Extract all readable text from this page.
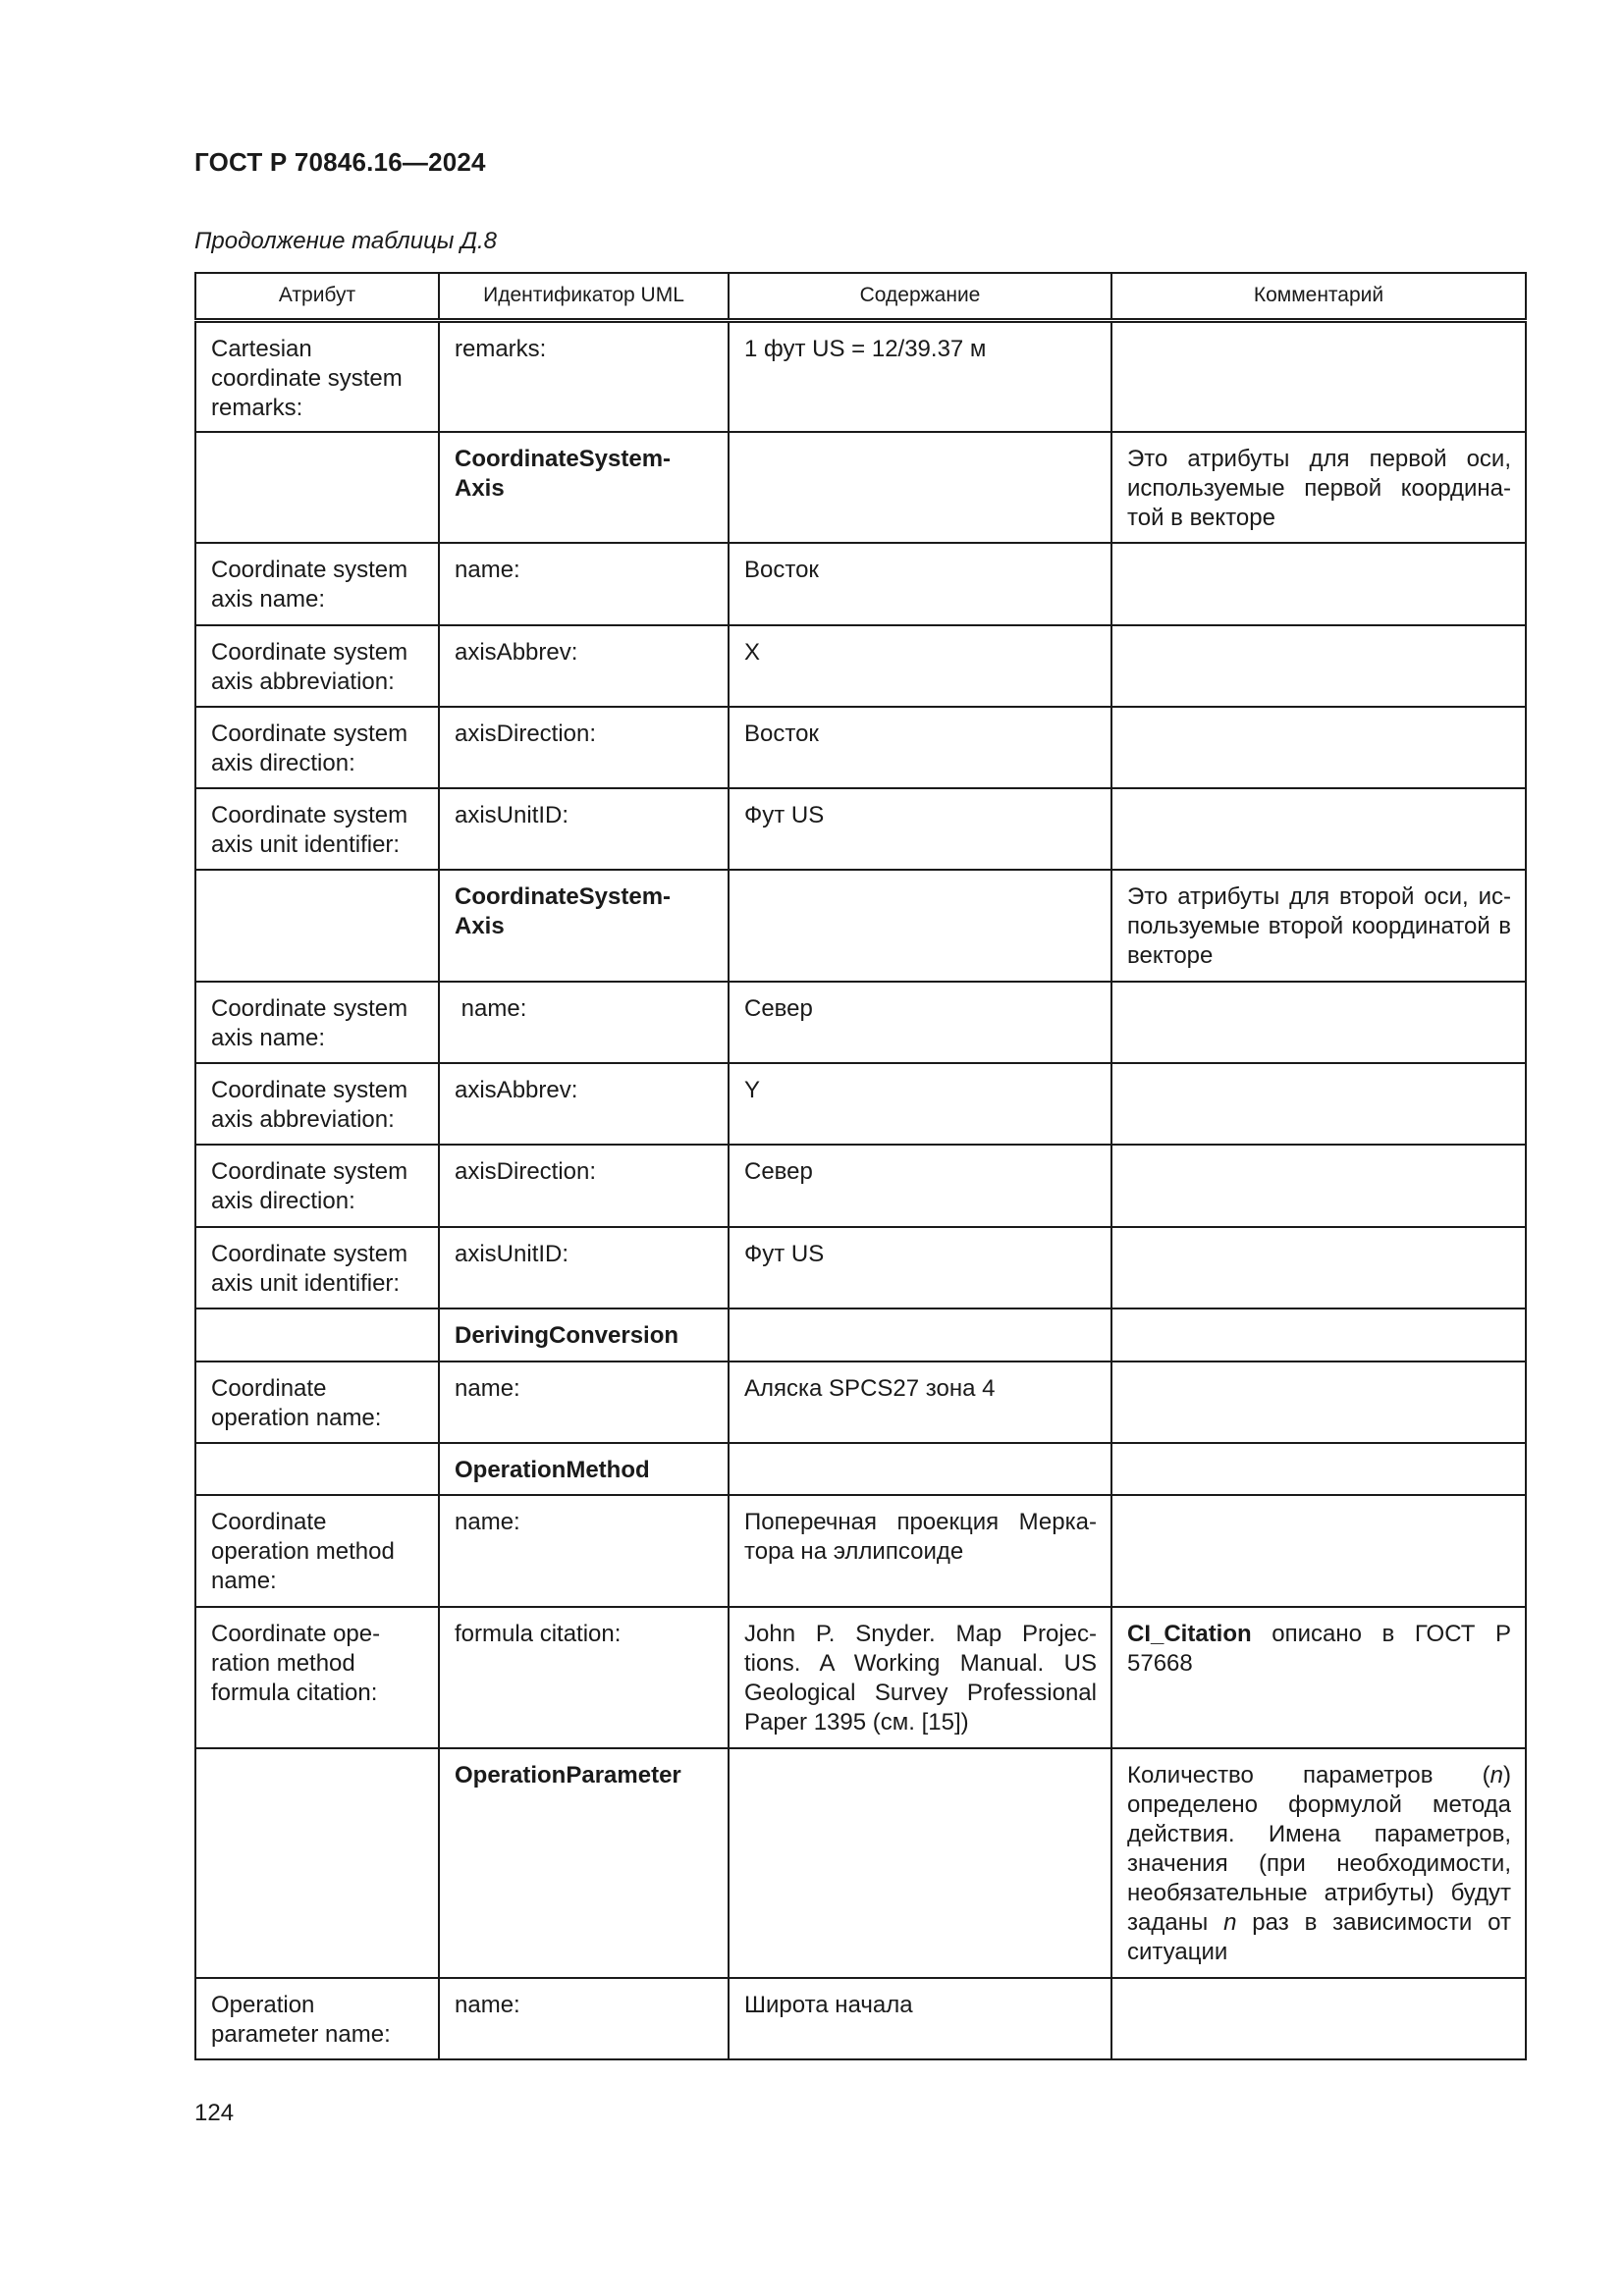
ГОСТ Р 70846.16—2024
Продолжение таблицы Д.8
Атрибут	Идентификатор UML	Содержание	Комментарий
Cartesian coordinate system remarks:	remarks:	1 фут US = 12/39.37 м	
	CoordinateSystem-Axis		Это атрибуты для первой оси, используемые первой координа-той в векторе
Coordinate system axis name:	name:	Восток	
Coordinate system axis abbreviation:	axisAbbrev:	X	
Coordinate system axis direction:	axisDirection:	Восток	
Coordinate system axis unit identifier:	axisUnitID:	Фут US	
	CoordinateSystem-Axis		Это атрибуты для второй оси, ис-пользуемые второй координатой в векторе
Coordinate system axis name:	name:	Север	
Coordinate system axis abbreviation:	axisAbbrev:	Y	
Coordinate system axis direction:	axisDirection:	Север	
Coordinate system axis unit identifier:	axisUnitID:	Фут US	
	DerivingConversion		
Coordinate operation name:	name:	Аляска SPCS27 зона 4	
	OperationMethod		
Coordinate operation method name:	name:	Поперечная проекция Мерка-тора на эллипсоиде	
Coordinate ope-ration method formula citation:	formula citation:	John P. Snyder. Map Projec-tions. A Working Manual. US Geological Survey Professional Paper 1395 (см. [15])	CI_Citation описано в ГОСТ Р 57668
	OperationParameter		Количество параметров (n) определено формулой метода действия. Имена параметров, значения (при необходимости, необязательные атрибуты) будут заданы n раз в зависимости от ситуации
Operation parameter name:	name:	Широта начала	
124
